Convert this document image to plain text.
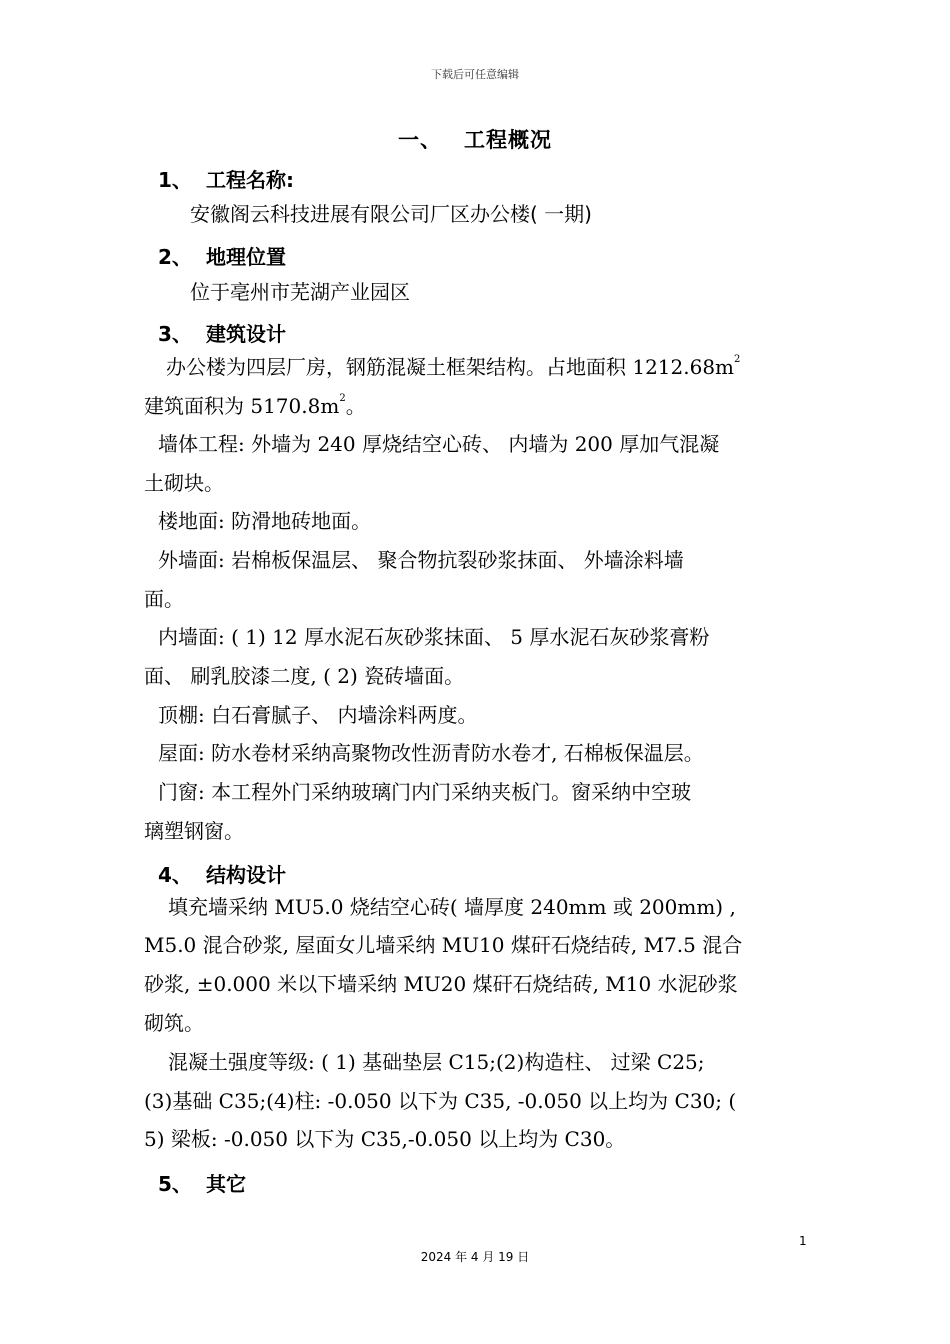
下载后可任意编辑
一、 工程概况
1、 工程名称:
安徽阁云科技进展有限公司厂区办公楼( 一期)
2、 地理位置
位于亳州市芜湖产业园区
3、 建筑设计
办公楼为四层厂房，钢筋混凝土框架结构。占地面积 $1212.68m^2$
建筑面积为 $5170.8m^2$。
墙体工程: 外墙为 240 厚烧结空心砖、 内墙为 200 厚加气混凝
土砌块。
楼地面: 防滑地砖地面。
外墙面: 岩棉板保温层、 聚合物抗裂砂浆抹面、 外墙涂料墙
面。
内墙面: ( 1) 12 厚水泥石灰砂浆抹面、 5 厚水泥石灰砂浆膏粉
面、 刷乳胶漆二度, ( 2) 瓷砖墙面。
顶棚: 白石膏腻子、 内墙涂料两度。
屋面: 防水卷材采纳高聚物改性沥青防水卷才, 石棉板保温层。
门窗: 本工程外门采纳玻璃门内门采纳夹板门。窗采纳中空玻
璃塑钢窗。
4、 结构设计
填充墙采纳 MU5.0 烧结空心砖( 墙厚度 240mm 或 200mm) ,
M5.0 混合砂浆, 屋面女儿墙采纳 MU10 煤矸石烧结砖, M7.5 混合
砂浆, ±0.000 米以下墙采纳 MU20 煤矸石烧结砖, M10 水泥砂浆
砌筑。
混凝土强度等级: ( 1) 基础垫层 C15;(2)构造柱、 过梁 C25;
(3)基础 C35;(4)柱: -0.050 以下为 C35, -0.050 以上均为 C30; (
5) 梁板: -0.050 以下为 C35,-0.050 以上均为 C30。
5、 其它
1
2024 年 4 月 19 日
